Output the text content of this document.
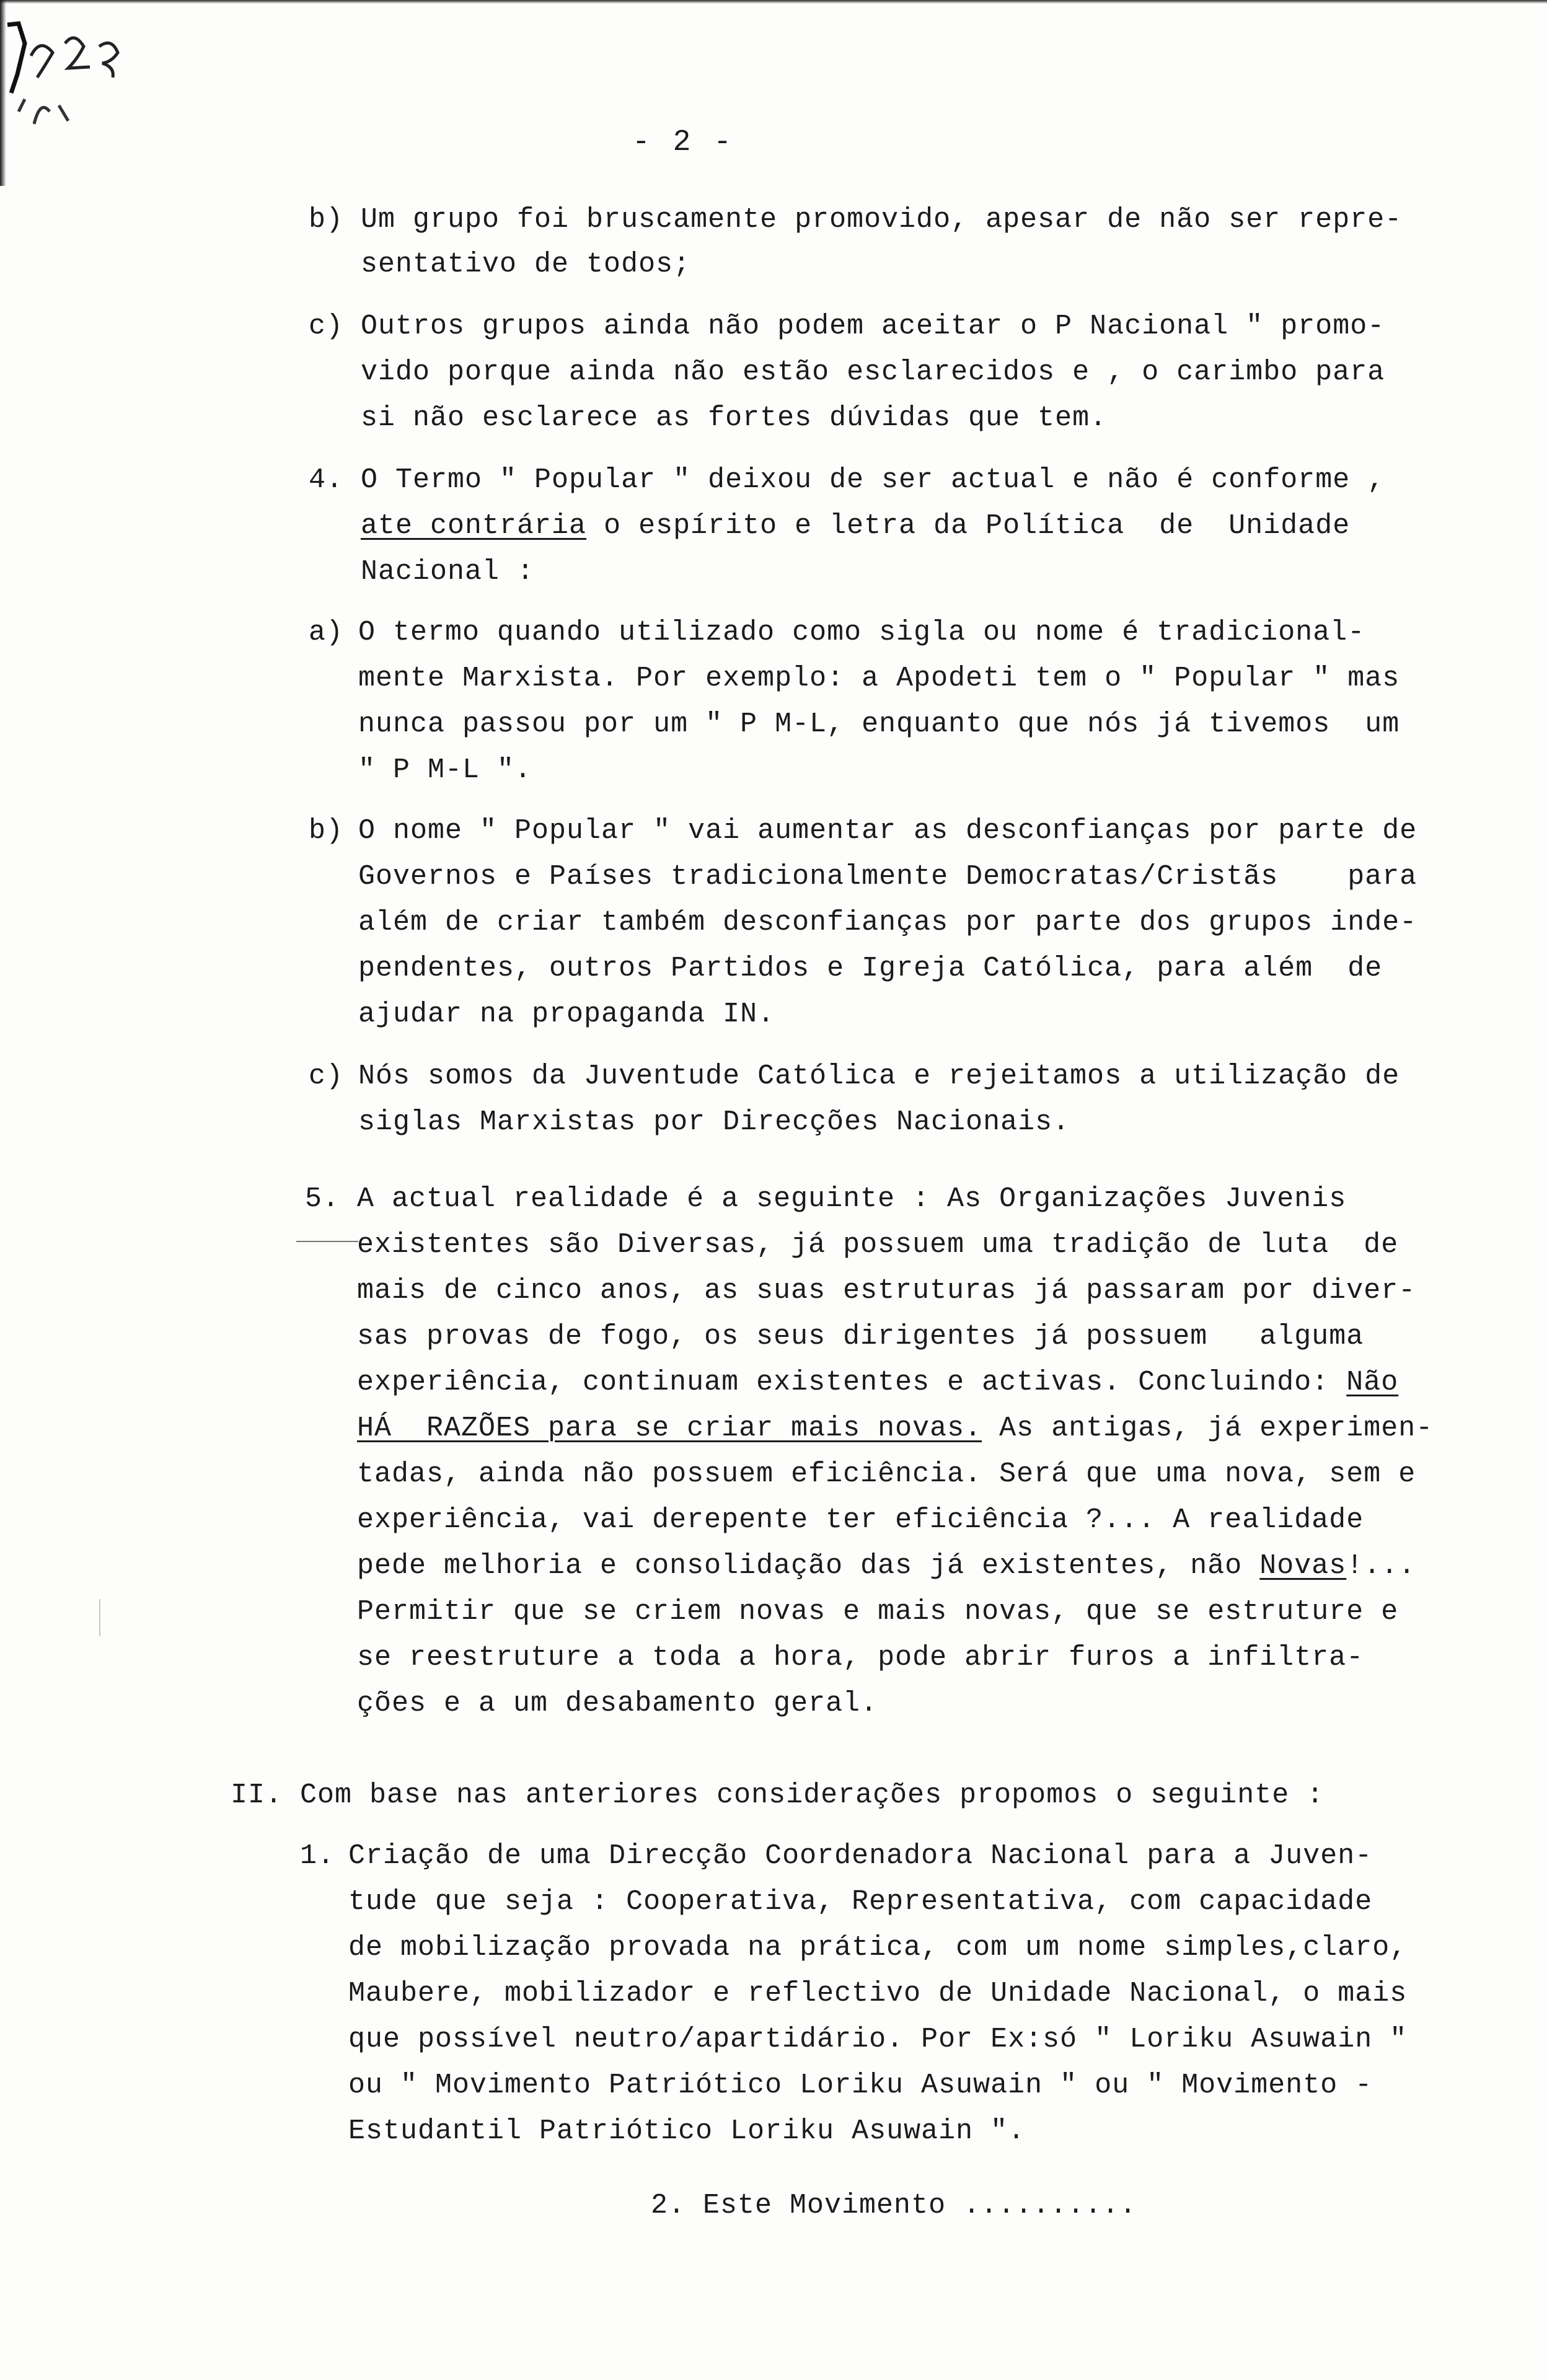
- 2 -
b) Um grupo foi bruscamente promovido, apesar de não ser repre-
sentativo de todos;
c) Outros grupos ainda não podem aceitar o P Nacional " promo-
vido porque ainda não estão esclarecidos e , o carimbo para
si não esclarece as fortes dúvidas que tem.
4. O Termo " Popular " deixou de ser actual e não é conforme ,
ate contrária o espírito e letra da Política  de  Unidade
Nacional :
a) O termo quando utilizado como sigla ou nome é tradicional-
mente Marxista. Por exemplo: a Apodeti tem o " Popular " mas
nunca passou por um " P M-L, enquanto que nós já tivemos  um
" P M-L ".
b) O nome " Popular " vai aumentar as desconfianças por parte de
Governos e Países tradicionalmente Democratas/Cristãs    para
além de criar também desconfianças por parte dos grupos inde-
pendentes, outros Partidos e Igreja Católica, para além  de
ajudar na propaganda IN.
c) Nós somos da Juventude Católica e rejeitamos a utilização de
siglas Marxistas por Direcções Nacionais.
5. A actual realidade é a seguinte : As Organizações Juvenis
existentes são Diversas, já possuem uma tradição de luta  de
mais de cinco anos, as suas estruturas já passaram por diver-
sas provas de fogo, os seus dirigentes já possuem   alguma
experiência, continuam existentes e activas. Concluindo: Não
HÁ  RAZÕES para se criar mais novas. As antigas, já experimen-
tadas, ainda não possuem eficiência. Será que uma nova, sem e
experiência, vai derepente ter eficiência ?... A realidade
pede melhoria e consolidação das já existentes, não Novas!...
Permitir que se criem novas e mais novas, que se estruture e
se reestruture a toda a hora, pode abrir furos a infiltra-
ções e a um desabamento geral.
II. Com base nas anteriores considerações propomos o seguinte :
1. Criação de uma Direcção Coordenadora Nacional para a Juven-
tude que seja : Cooperativa, Representativa, com capacidade
de mobilização provada na prática, com um nome simples,claro,
Maubere, mobilizador e reflectivo de Unidade Nacional, o mais
que possível neutro/apartidário. Por Ex:só " Loriku Asuwain "
ou " Movimento Patriótico Loriku Asuwain " ou " Movimento -
Estudantil Patriótico Loriku Asuwain ".
2. Este Movimento ..........
